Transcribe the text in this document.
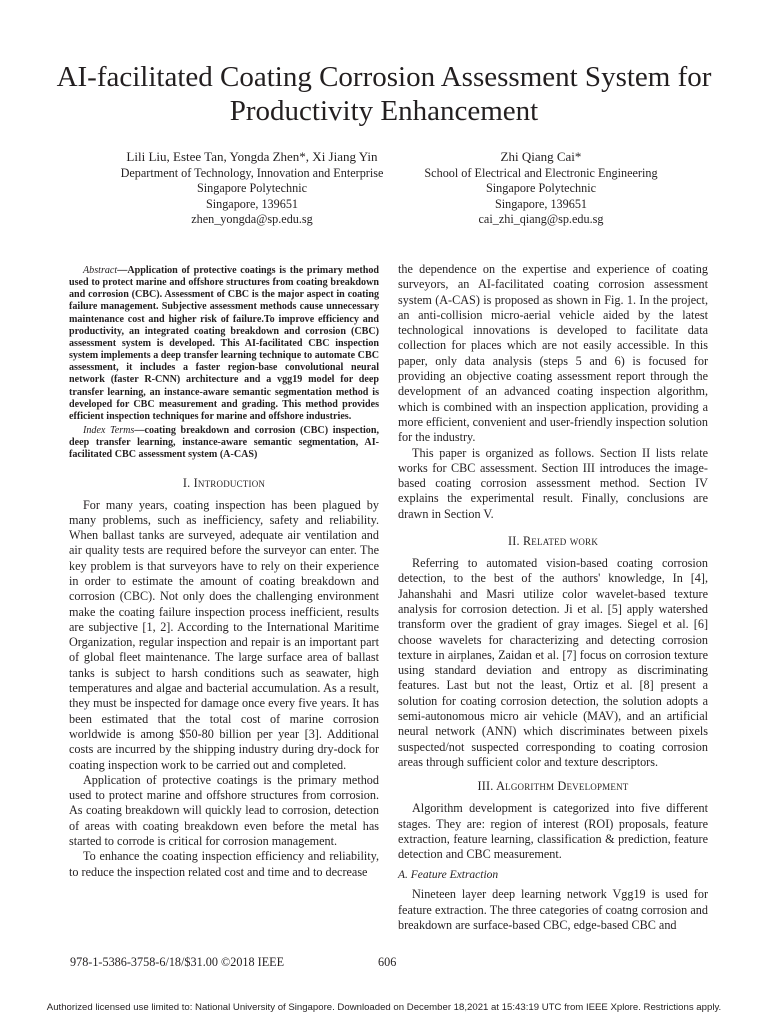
AI-facilitated Coating Corrosion Assessment System for Productivity Enhancement
Lili Liu, Estee Tan, Yongda Zhen*, Xi Jiang Yin
Department of Technology, Innovation and Enterprise
Singapore Polytechnic
Singapore, 139651
zhen_yongda@sp.edu.sg
Zhi Qiang Cai*
School of Electrical and Electronic Engineering
Singapore Polytechnic
Singapore, 139651
cai_zhi_qiang@sp.edu.sg

Abstract—Application of protective coatings is the primary method used to protect marine and offshore structures from coating breakdown and corrosion (CBC). Assessment of CBC is the major aspect in coating failure management. Subjective assessment methods cause unnecessary maintenance cost and higher risk of failure.To improve efficiency and productivity, an integrated coating breakdown and corrosion (CBC) assessment system is developed. This AI-facilitated CBC inspection system implements a deep transfer learning technique to automate CBC assessment, it includes a faster region-base convolutional neural network (faster R-CNN) architecture and a vgg19 model for deep transfer learning, an instance-aware semantic segmentation method is developed for CBC measurement and grading. This method provides efficient inspection techniques for marine and offshore industries.

Index Terms—coating breakdown and corrosion (CBC) inspection, deep transfer learning, instance-aware semantic segmentation, AI-facilitated CBC assessment system (A-CAS)

I. Introduction

For many years, coating inspection has been plagued by many problems, such as inefficiency, safety and reliability. When ballast tanks are surveyed, adequate air ventilation and air quality tests are required before the surveyor can enter. The key problem is that surveyors have to rely on their experience in order to estimate the amount of coating breakdown and corrosion (CBC). Not only does the challenging environment make the coating failure inspection process inefficient, results are subjective [1, 2]. According to the International Maritime Organization, regular inspection and repair is an important part of global fleet maintenance. The large surface area of ballast tanks is subject to harsh conditions such as seawater, high temperatures and algae and bacterial accumulation. As a result, they must be inspected for damage once every five years. It has been estimated that the total cost of marine corrosion worldwide is among $50-80 billion per year [3]. Additional costs are incurred by the shipping industry during dry-dock for coating inspection work to be carried out and completed.

Application of protective coatings is the primary method used to protect marine and offshore structures from corrosion. As coating breakdown will quickly lead to corrosion, detection of areas with coating breakdown even before the metal has started to corrode is critical for corrosion management.

To enhance the coating inspection efficiency and reliability, to reduce the inspection related cost and time and to decrease

the dependence on the expertise and experience of coating surveyors, an AI-facilitated coating corrosion assessment system (A-CAS) is proposed as shown in Fig. 1. In the project, an anti-collision micro-aerial vehicle aided by the latest technological innovations is developed to facilitate data collection for places which are not easily accessible. In this paper, only data analysis (steps 5 and 6) is focused for providing an objective coating assessment report through the development of an advanced coating inspection algorithm, which is combined with an inspection application, providing a more efficient, convenient and user-friendly inspection solution for the industry.

This paper is organized as follows. Section II lists relate works for CBC assessment. Section III introduces the image-based coating corrosion assessment method. Section IV explains the experimental result. Finally, conclusions are drawn in Section V.

II. Related work

Referring to automated vision-based coating corrosion detection, to the best of the authors' knowledge, In [4], Jahanshahi and Masri utilize color wavelet-based texture analysis for corrosion detection. Ji et al. [5] apply watershed transform over the gradient of gray images. Siegel et al. [6] choose wavelets for characterizing and detecting corrosion texture in airplanes, Zaidan et al. [7] focus on corrosion texture using standard deviation and entropy as discriminating features. Last but not the least, Ortiz et al. [8] present a solution for coating corrosion detection, the solution adopts a semi-autonomous micro air vehicle (MAV), and an artificial neural network (ANN) which discriminates between pixels suspected/not suspected corresponding to coating corrosion areas through sufficient color and texture descriptors.

III. Algorithm Development

Algorithm development is categorized into five different stages. They are: region of interest (ROI) proposals, feature extraction, feature learning, classification & prediction, feature detection and CBC measurement.

A. Feature Extraction

Nineteen layer deep learning network Vgg19 is used for feature extraction. The three categories of coatng corrosion and breakdown are surface-based CBC, edge-based CBC and

978-1-5386-3758-6/18/$31.00 ©2018 IEEE	606
Authorized licensed use limited to: National University of Singapore. Downloaded on December 18,2021 at 15:43:19 UTC from IEEE Xplore. Restrictions apply.
